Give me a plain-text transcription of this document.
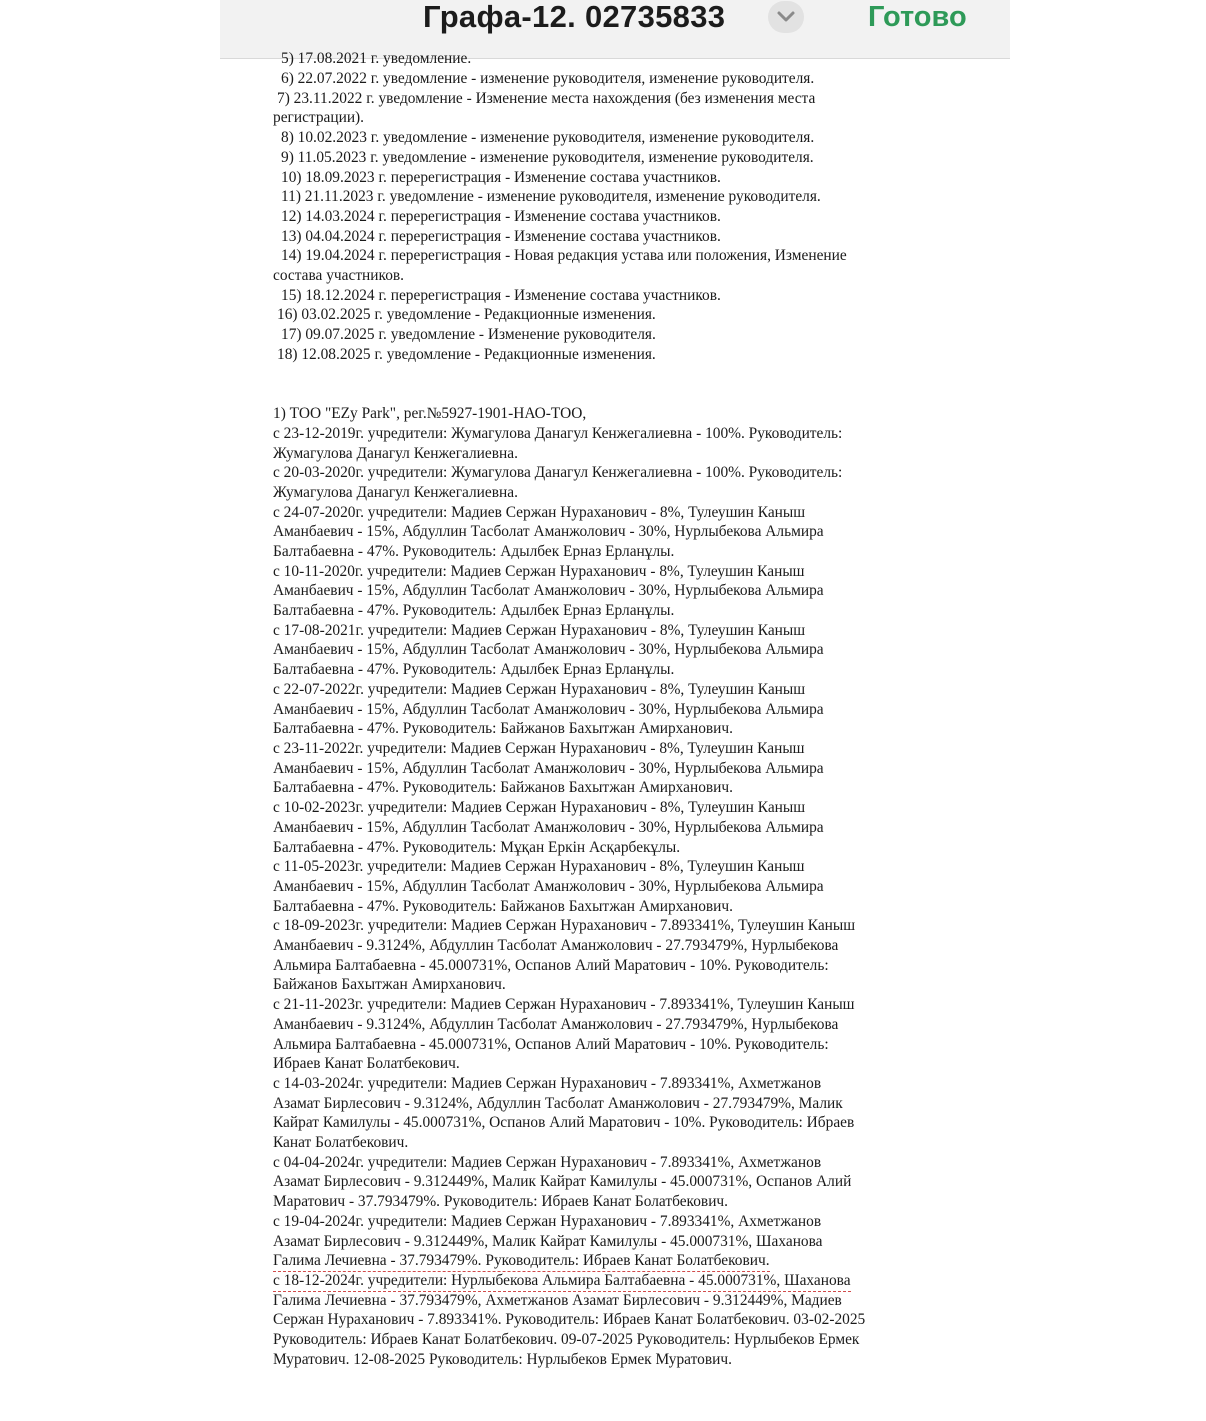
Графа-12. 02735833	Готово
5) 17.08.2021 г. уведомление.
6) 22.07.2022 г. уведомление - изменение руководителя, изменение руководителя.
7) 23.11.2022 г. уведомление - Изменение места нахождения (без изменения места
регистрации).
8) 10.02.2023 г. уведомление - изменение руководителя, изменение руководителя.
9) 11.05.2023 г. уведомление - изменение руководителя, изменение руководителя.
10) 18.09.2023 г. перерегистрация - Изменение состава участников.
11) 21.11.2023 г. уведомление - изменение руководителя, изменение руководителя.
12) 14.03.2024 г. перерегистрация - Изменение состава участников.
13) 04.04.2024 г. перерегистрация - Изменение состава участников.
14) 19.04.2024 г. перерегистрация - Новая редакция устава или положения, Изменение
состава участников.
15) 18.12.2024 г. перерегистрация - Изменение состава участников.
16) 03.02.2025 г. уведомление - Редакционные изменения.
17) 09.07.2025 г. уведомление - Изменение руководителя.
18) 12.08.2025 г. уведомление - Редакционные изменения.
1) ТОО "EZy Park", рег.№5927-1901-НАО-ТОО,
с 23-12-2019г. учредители: Жумагулова Данагул Кенжегалиевна - 100%. Руководитель:
Жумагулова Данагул Кенжегалиевна.
с 20-03-2020г. учредители: Жумагулова Данагул Кенжегалиевна - 100%. Руководитель:
Жумагулова Данагул Кенжегалиевна.
с 24-07-2020г. учредители: Мадиев Сержан Нураханович - 8%, Тулеушин Каныш
Аманбаевич - 15%, Абдуллин Тасболат Аманжолович - 30%, Нурлыбекова Альмира
Балтабаевна - 47%. Руководитель: Адылбек Ерназ Ерланұлы.
с 10-11-2020г. учредители: Мадиев Сержан Нураханович - 8%, Тулеушин Каныш
Аманбаевич - 15%, Абдуллин Тасболат Аманжолович - 30%, Нурлыбекова Альмира
Балтабаевна - 47%. Руководитель: Адылбек Ерназ Ерланұлы.
с 17-08-2021г. учредители: Мадиев Сержан Нураханович - 8%, Тулеушин Каныш
Аманбаевич - 15%, Абдуллин Тасболат Аманжолович - 30%, Нурлыбекова Альмира
Балтабаевна - 47%. Руководитель: Адылбек Ерназ Ерланұлы.
с 22-07-2022г. учредители: Мадиев Сержан Нураханович - 8%, Тулеушин Каныш
Аманбаевич - 15%, Абдуллин Тасболат Аманжолович - 30%, Нурлыбекова Альмира
Балтабаевна - 47%. Руководитель: Байжанов Бахытжан Амирханович.
с 23-11-2022г. учредители: Мадиев Сержан Нураханович - 8%, Тулеушин Каныш
Аманбаевич - 15%, Абдуллин Тасболат Аманжолович - 30%, Нурлыбекова Альмира
Балтабаевна - 47%. Руководитель: Байжанов Бахытжан Амирханович.
с 10-02-2023г. учредители: Мадиев Сержан Нураханович - 8%, Тулеушин Каныш
Аманбаевич - 15%, Абдуллин Тасболат Аманжолович - 30%, Нурлыбекова Альмира
Балтабаевна - 47%. Руководитель: Мұқан Еркін Асқарбекұлы.
с 11-05-2023г. учредители: Мадиев Сержан Нураханович - 8%, Тулеушин Каныш
Аманбаевич - 15%, Абдуллин Тасболат Аманжолович - 30%, Нурлыбекова Альмира
Балтабаевна - 47%. Руководитель: Байжанов Бахытжан Амирханович.
с 18-09-2023г. учредители: Мадиев Сержан Нураханович - 7.893341%, Тулеушин Каныш
Аманбаевич - 9.3124%, Абдуллин Тасболат Аманжолович - 27.793479%, Нурлыбекова
Альмира Балтабаевна - 45.000731%, Оспанов Алий Маратович - 10%. Руководитель:
Байжанов Бахытжан Амирханович.
с 21-11-2023г. учредители: Мадиев Сержан Нураханович - 7.893341%, Тулеушин Каныш
Аманбаевич - 9.3124%, Абдуллин Тасболат Аманжолович - 27.793479%, Нурлыбекова
Альмира Балтабаевна - 45.000731%, Оспанов Алий Маратович - 10%. Руководитель:
Ибраев Канат Болатбекович.
с 14-03-2024г. учредители: Мадиев Сержан Нураханович - 7.893341%, Ахметжанов
Азамат Бирлесович - 9.3124%, Абдуллин Тасболат Аманжолович - 27.793479%, Малик
Кайрат Камилулы - 45.000731%, Оспанов Алий Маратович - 10%. Руководитель: Ибраев
Канат Болатбекович.
с 04-04-2024г. учредители: Мадиев Сержан Нураханович - 7.893341%, Ахметжанов
Азамат Бирлесович - 9.312449%, Малик Кайрат Камилулы - 45.000731%, Оспанов Алий
Маратович - 37.793479%. Руководитель: Ибраев Канат Болатбекович.
с 19-04-2024г. учредители: Мадиев Сержан Нураханович - 7.893341%, Ахметжанов
Азамат Бирлесович - 9.312449%, Малик Кайрат Камилулы - 45.000731%, Шаханова
Галима Лечиевна - 37.793479%. Руководитель: Ибраев Канат Болатбекович.
с 18-12-2024г. учредители: Нурлыбекова Альмира Балтабаевна - 45.000731%, Шаханова
Галима Лечиевна - 37.793479%, Ахметжанов Азамат Бирлесович - 9.312449%, Мадиев
Сержан Нураханович - 7.893341%. Руководитель: Ибраев Канат Болатбекович. 03-02-2025
Руководитель: Ибраев Канат Болатбекович. 09-07-2025 Руководитель: Нурлыбеков Ермек
Муратович. 12-08-2025 Руководитель: Нурлыбеков Ермек Муратович.
